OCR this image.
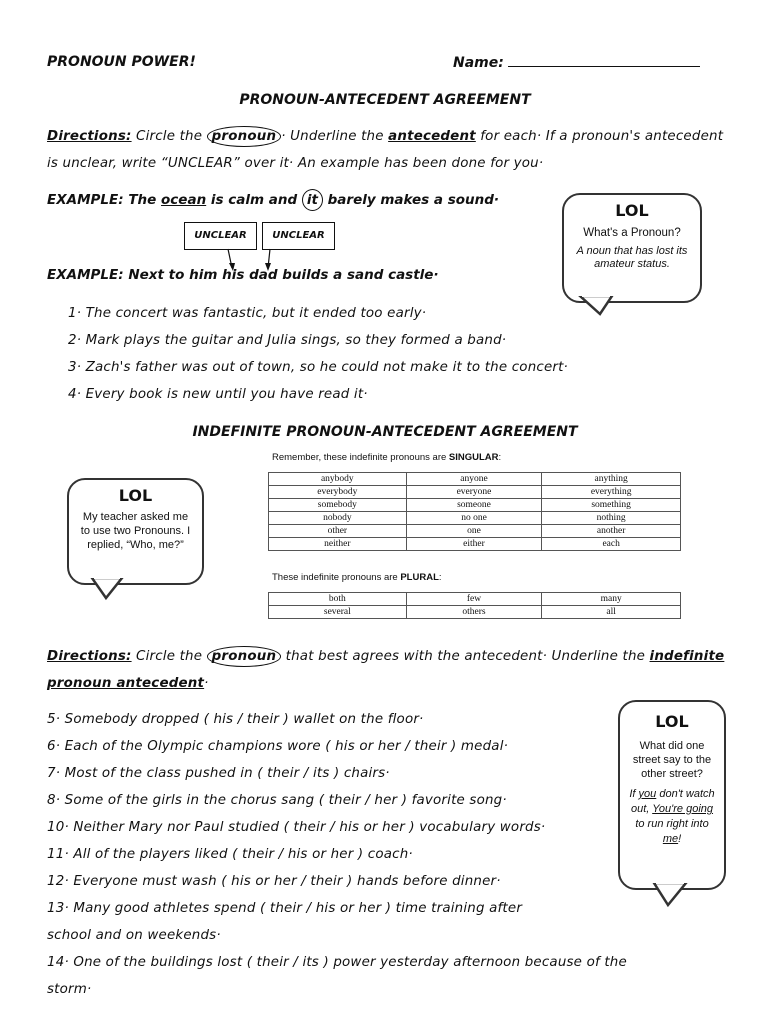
PRONOUN POWER!	Name:
PRONOUN-ANTECEDENT AGREEMENT
Directions: Circle the pronoun · Underline the antecedent for each· If a pronoun's antecedent
is unclear, write “UNCLEAR” over it· An example has been done for you·
EXAMPLE: The ocean is calm and it barely makes a sound·
UNCLEAR	UNCLEAR
EXAMPLE: Next to him his dad builds a sand castle·
1· The concert was fantastic, but it ended too early·
2· Mark plays the guitar and Julia sings, so they formed a band·
3· Zach's father was out of town, so he could not make it to the concert·
4· Every book is new until you have read it·
LOL
What's a Pronoun?
A noun that has lost its amateur status.
INDEFINITE PRONOUN-ANTECEDENT AGREEMENT
Remember, these indefinite pronouns are SINGULAR:
anybody	anyone	anything
everybody	everyone	everything
somebody	someone	something
nobody	no one	nothing
other	one	another
neither	either	each
These indefinite pronouns are PLURAL:
both	few	many
several	others	all
LOL
My teacher asked me to use two Pronouns. I replied, “Who, me?”
Directions: Circle the pronoun that best agrees with the antecedent· Underline the indefinite
pronoun antecedent·
5· Somebody dropped ( his / their ) wallet on the floor·
6· Each of the Olympic champions wore ( his or her / their ) medal·
7· Most of the class pushed in ( their / its ) chairs·
8· Some of the girls in the chorus sang ( their / her ) favorite song·
10· Neither Mary nor Paul studied ( their / his or her ) vocabulary words·
11· All of the players liked ( their / his or her ) coach·
12· Everyone must wash ( his or her / their ) hands before dinner·
13· Many good athletes spend ( their / his or her ) time training after
school and on weekends·
14· One of the buildings lost ( their / its ) power yesterday afternoon because of the
storm·
LOL
What did one street say to the other street?
If you don't watch out, You're going to run right into me!
